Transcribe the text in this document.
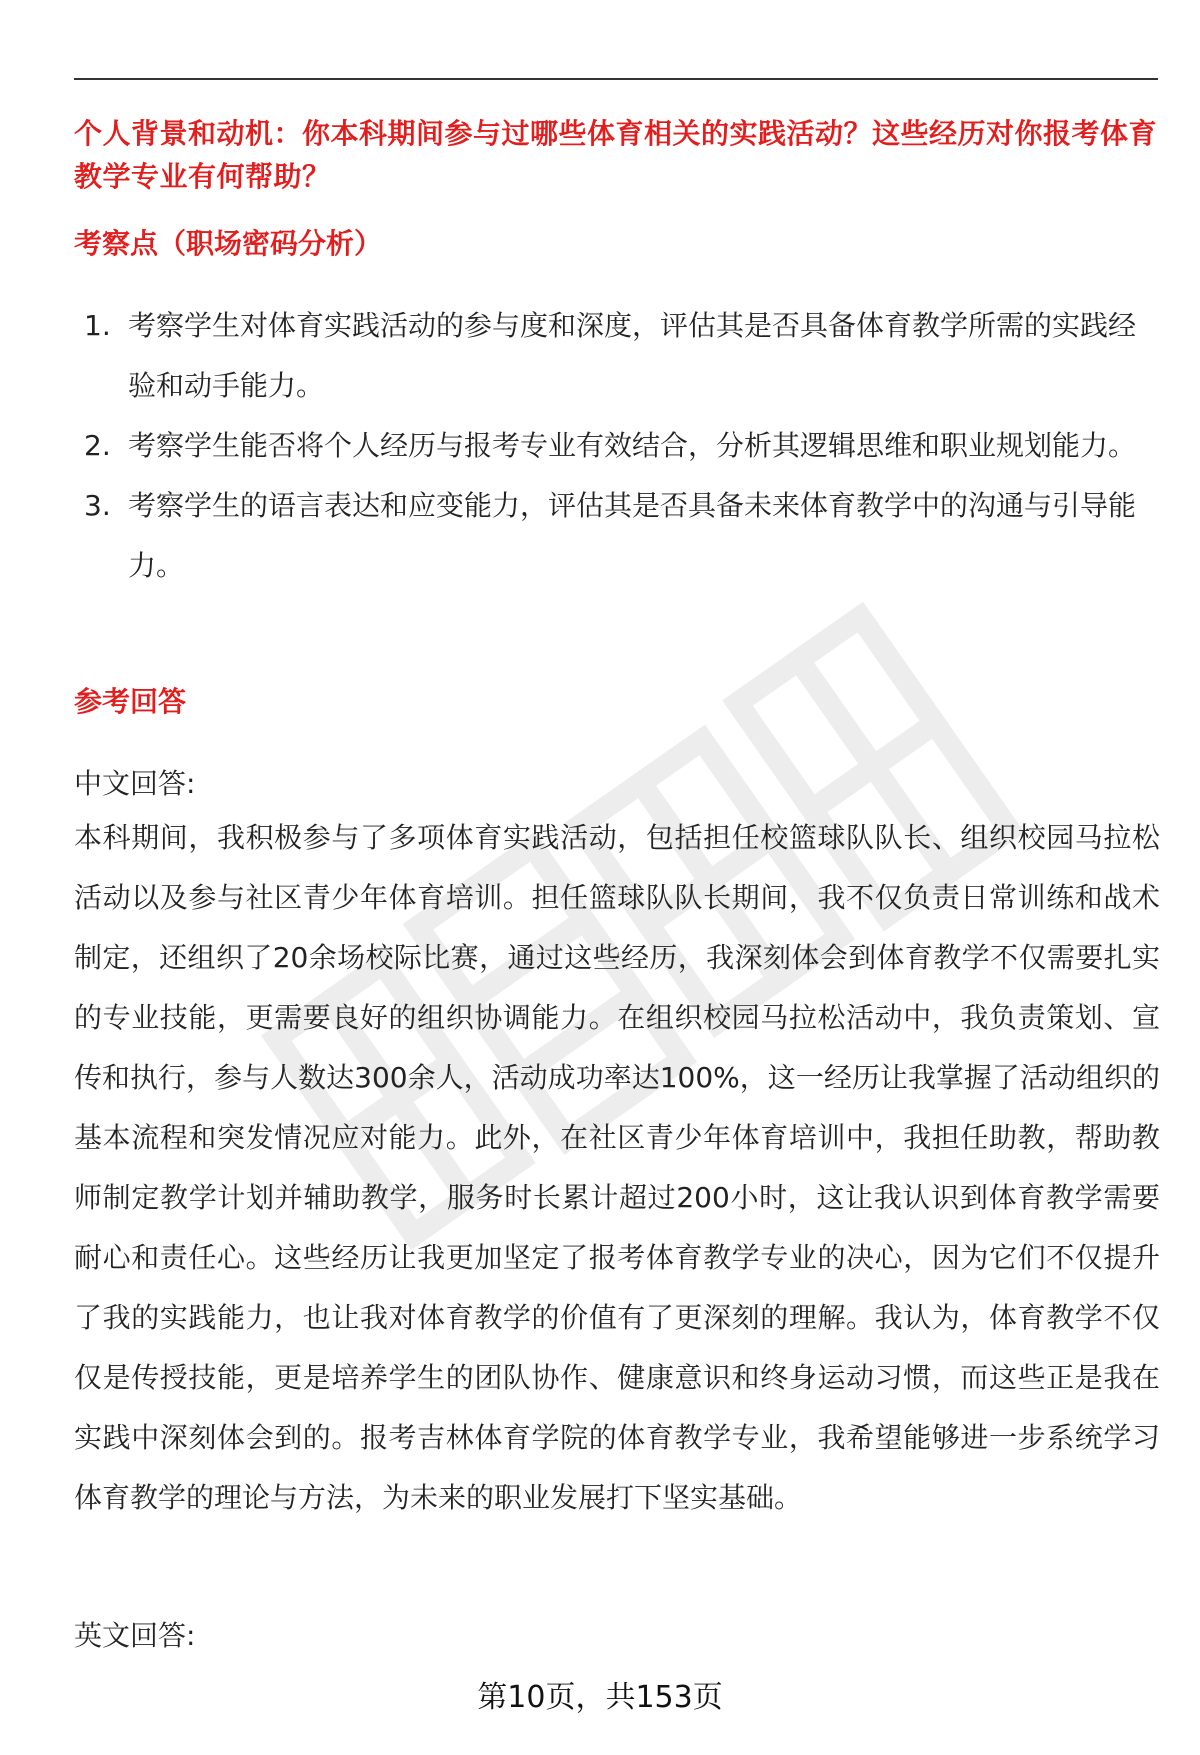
个人背景和动机：你本科期间参与过哪些体育相关的实践活动？这些经历对你报考体育教学专业有何帮助？
考察点（职场密码分析）
1. 考察学生对体育实践活动的参与度和深度，评估其是否具备体育教学所需的实践经验和动手能力。
2. 考察学生能否将个人经历与报考专业有效结合，分析其逻辑思维和职业规划能力。
3. 考察学生的语言表达和应变能力，评估其是否具备未来体育教学中的沟通与引导能力。
参考回答
中文回答:
本科期间，我积极参与了多项体育实践活动，包括担任校篮球队队长、组织校园马拉松活动以及参与社区青少年体育培训。担任篮球队队长期间，我不仅负责日常训练和战术制定，还组织了20余场校际比赛，通过这些经历，我深刻体会到体育教学不仅需要扎实的专业技能，更需要良好的组织协调能力。在组织校园马拉松活动中，我负责策划、宣传和执行，参与人数达300余人，活动成功率达100%，这一经历让我掌握了活动组织的基本流程和突发情况应对能力。此外，在社区青少年体育培训中，我担任助教，帮助教师制定教学计划并辅助教学，服务时长累计超过200小时，这让我认识到体育教学需要耐心和责任心。这些经历让我更加坚定了报考体育教学专业的决心，因为它们不仅提升了我的实践能力，也让我对体育教学的价值有了更深刻的理解。我认为，体育教学不仅仅是传授技能，更是培养学生的团队协作、健康意识和终身运动习惯，而这些正是我在实践中深刻体会到的。报考吉林体育学院的体育教学专业，我希望能够进一步系统学习体育教学的理论与方法，为未来的职业发展打下坚实基础。
英文回答:
第10页，共153页
